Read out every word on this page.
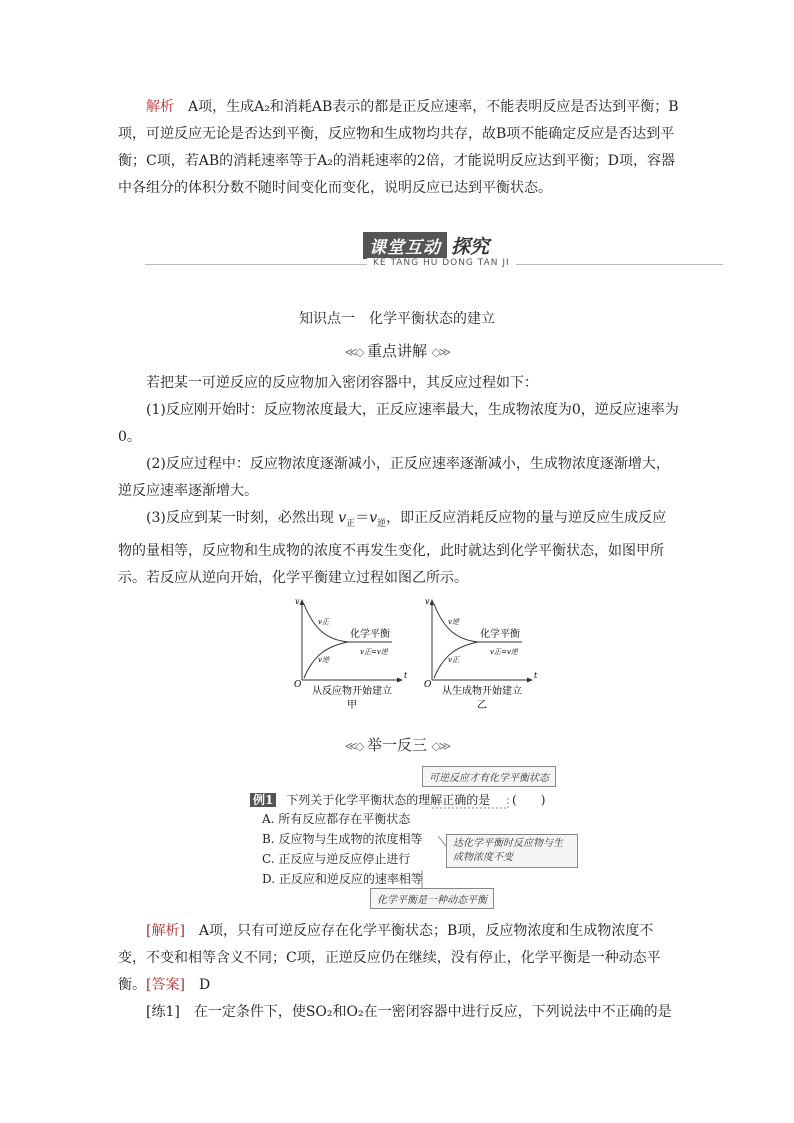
解析　A项，生成A₂和消耗AB表示的都是正反应速率，不能表明反应是否达到平衡；B项，可逆反应无论是否达到平衡，反应物和生成物均共存，故B项不能确定反应是否达到平衡；C项，若AB的消耗速率等于A₂的消耗速率的2倍，才能说明反应达到平衡；D项，容器中各组分的体积分数不随时间变化而变化，说明反应已达到平衡状态。

课堂互动 探究
KE TANG HU DONG TAN JI
知识点一　化学平衡状态的建立
≪◇ 重点讲解 ◇≫

若把某一可逆反应的反应物加入密闭容器中，其反应过程如下：

(1)反应刚开始时：反应物浓度最大，正反应速率最大，生成物浓度为0，逆反应速率为0。

(2)反应过程中：反应物浓度逐渐减小，正反应速率逐渐减小，生成物浓度逐渐增大，逆反应速率逐渐增大。

(3)反应到某一时刻，必然出现 $v_正=v_逆$，即正反应消耗反应物的量与逆反应生成反应物的量相等，反应物和生成物的浓度不再发生变化，此时就达到化学平衡状态，如图甲所示。若反应从逆向开始，化学平衡建立过程如图乙所示。

v
t
O
v正
v逆
化学平衡
v正=v逆
从反应物开始建立
甲
v
t
O
v逆
v正
化学平衡
v正=v逆
从生成物开始建立
乙
≪◇ 举一反三 ◇≫
可逆反应才有化学平衡状态
例1 下列关于化学平衡状态的理解正确的是 (　　)
A. 所有反应都存在平衡状态
B. 反应物与生成物的浓度相等
C. 正反应与逆反应停止进行
D. 正反应和逆反应的速率相等
达化学平衡时反应物与生成物浓度不变
化学平衡是一种动态平衡

[解析]　A项，只有可逆反应存在化学平衡状态；B项，反应物浓度和生成物浓度不变，不变和相等含义不同；C项，正逆反应仍在继续，没有停止，化学平衡是一种动态平衡。 [答案]　 D

[练1]　在一定条件下，使SO₂和O₂在一密闭容器中进行反应，下列说法中不正确的是
